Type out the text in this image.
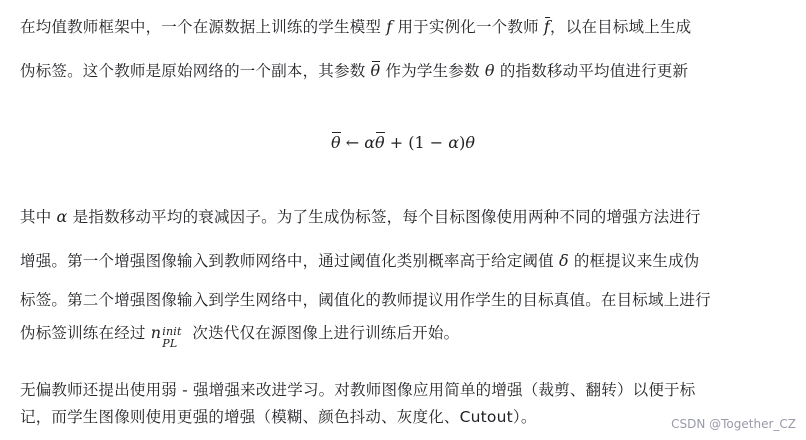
在均值教师框架中，一个在源数据上训练的学生模型 f 用于实例化一个教师 f，以在目标域上生成
伪标签。这个教师是原始网络的一个副本，其参数 θ 作为学生参数 θ 的指数移动平均值进行更新
θ ← αθ + (1 − α)θ
其中 α 是指数移动平均的衰减因子。为了生成伪标签，每个目标图像使用两种不同的增强方法进行
增强。第一个增强图像输入到教师网络中，通过阈值化类别概率高于给定阈值 δ 的框提议来生成伪
标签。第二个增强图像输入到学生网络中，阈值化的教师提议用作学生的目标真值。在目标域上进行
伪标签训练在经过 n init
PL
次迭代仅在源图像上进行训练后开始。
无偏教师还提出使用弱 - 强增强来改进学习。对教师图像应用简单的增强（裁剪、翻转）以便于标
记，而学生图像则使用更强的增强（模糊、颜色抖动、灰度化、Cutout）。	CSDN @Together_CZ
